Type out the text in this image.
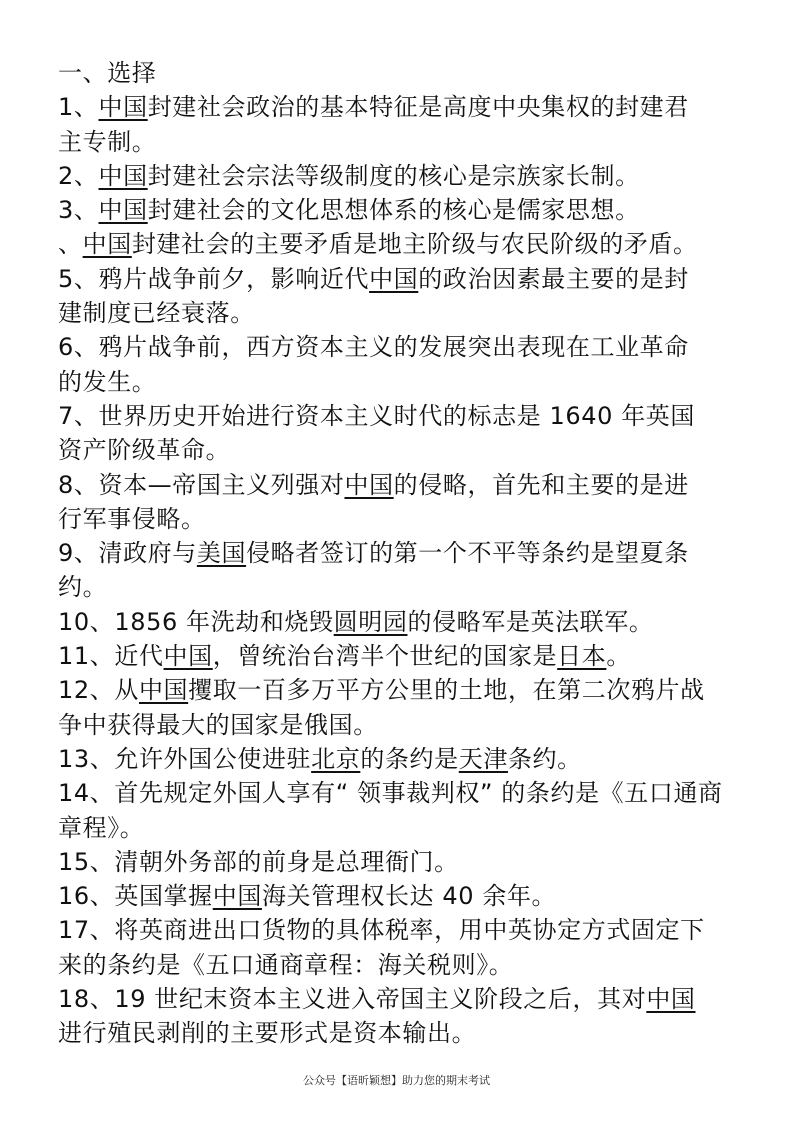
一、选择
1、中国封建社会政治的基本特征是高度中央集权的封建君
主专制。
2、中国封建社会宗法等级制度的核心是宗族家长制。
3、中国封建社会的文化思想体系的核心是儒家思想。
、中国封建社会的主要矛盾是地主阶级与农民阶级的矛盾。
5、鸦片战争前夕，影响近代中国的政治因素最主要的是封
建制度已经衰落。
6、鸦片战争前，西方资本主义的发展突出表现在工业革命
的发生。
7、世界历史开始进行资本主义时代的标志是 1640 年英国
资产阶级革命。
8、资本—帝国主义列强对中国的侵略，首先和主要的是进
行军事侵略。
9、清政府与美国侵略者签订的第一个不平等条约是望夏条
约。
10、1856 年洗劫和烧毁圆明园的侵略军是英法联军。
11、近代中国，曾统治台湾半个世纪的国家是日本。
12、从中国攫取一百多万平方公里的土地，在第二次鸦片战
争中获得最大的国家是俄国。
13、允许外国公使进驻北京的条约是天津条约。
14、首先规定外国人享有“ 领事裁判权” 的条约是《五口通商
章程》。
15、清朝外务部的前身是总理衙门。
16、英国掌握中国海关管理权长达 40 余年。
17、将英商进出口货物的具体税率，用中英协定方式固定下
来的条约是《五口通商章程：海关税则》。
18、19 世纪末资本主义进入帝国主义阶段之后，其对中国
进行殖民剥削的主要形式是资本输出。
公众号【语昕颖想】助力您的期末考试
